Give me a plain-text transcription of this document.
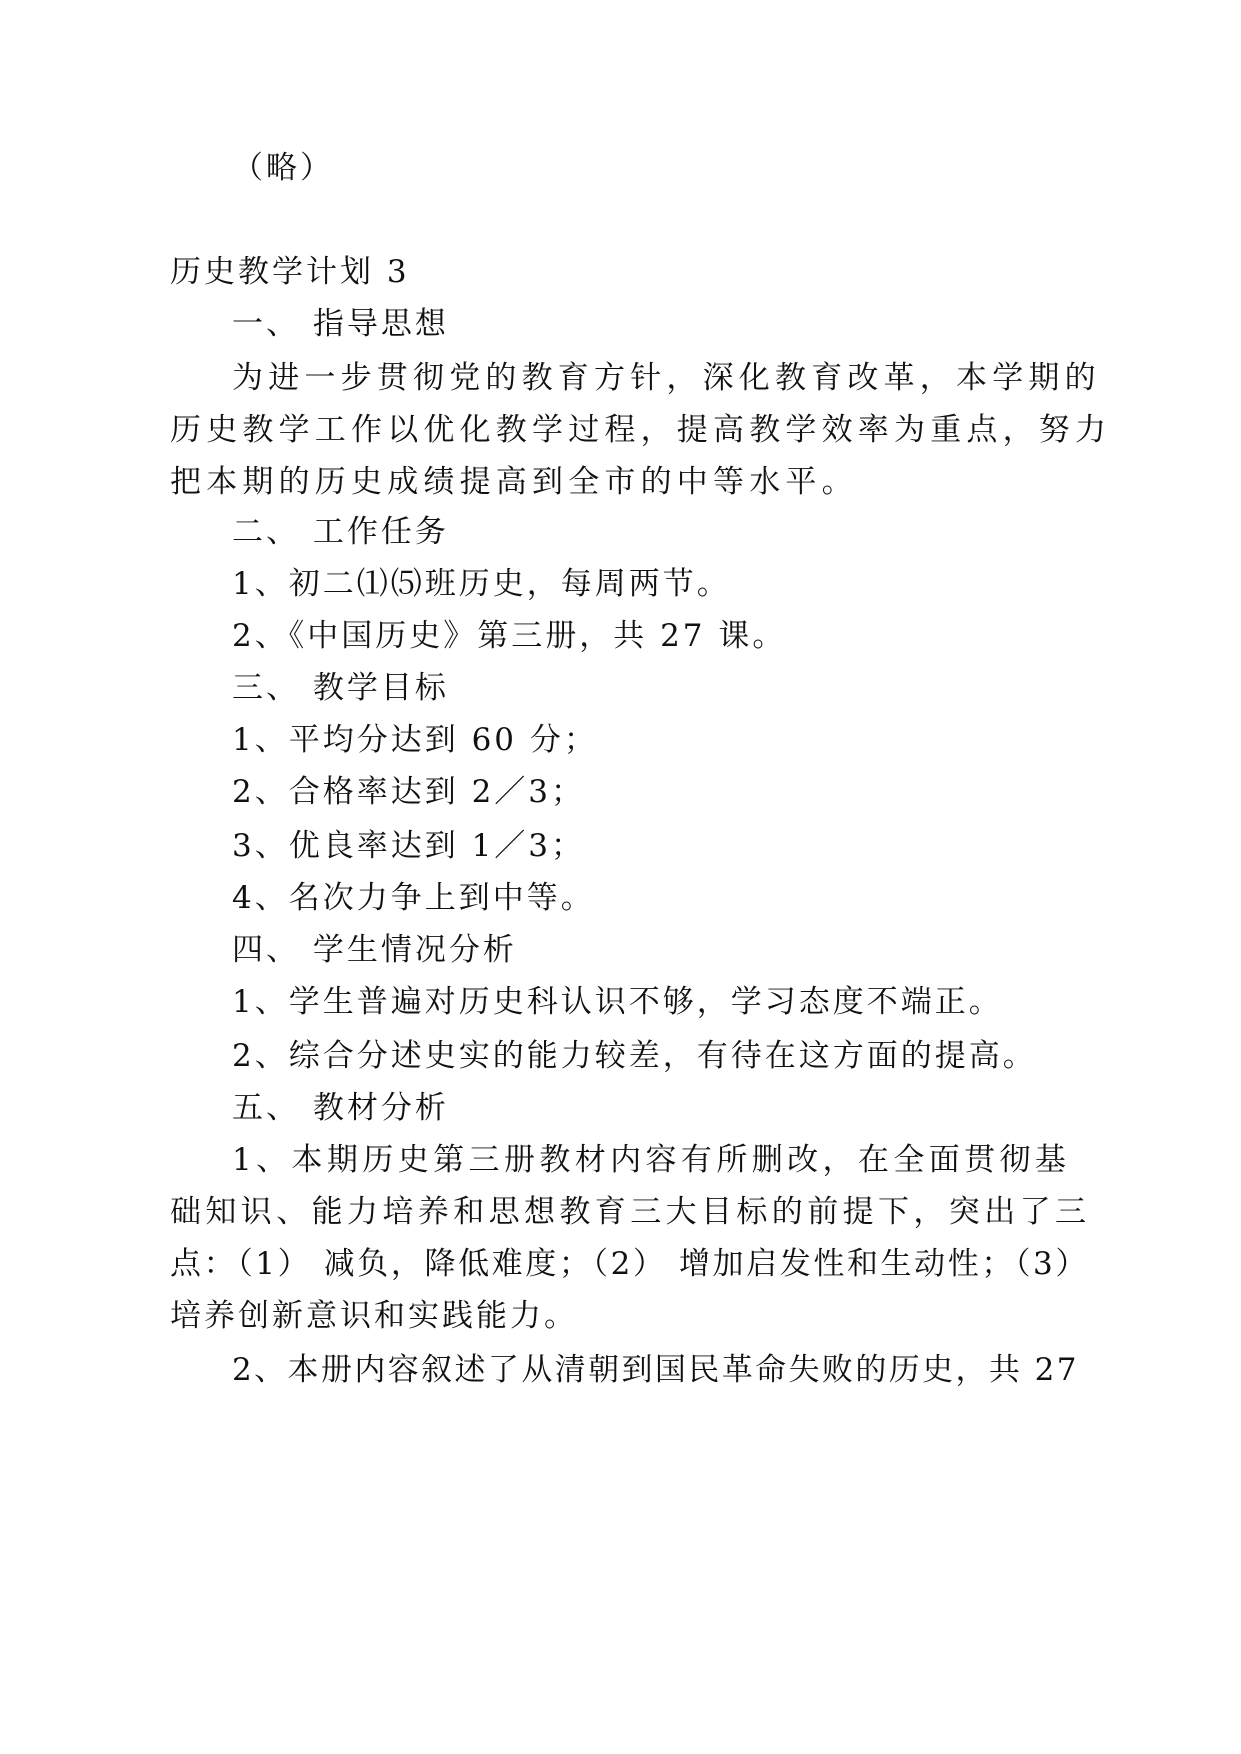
（略）
历史教学计划 3
一、 指导思想
为进一步贯彻党的教育方针，深化教育改革，本学期的
历史教学工作以优化教学过程，提高教学效率为重点，努力
把本期的历史成绩提高到全市的中等水平。
二、 工作任务
1、初二⑴⑸班历史，每周两节。
2、《中国历史》第三册，共 27 课。
三、 教学目标
1、平均分达到 60 分；
2、合格率达到 2／3；
3、优良率达到 1／3；
4、名次力争上到中等。
四、 学生情况分析
1、学生普遍对历史科认识不够，学习态度不端正。
2、综合分述史实的能力较差，有待在这方面的提高。
五、 教材分析
1、本期历史第三册教材内容有所删改，在全面贯彻基
础知识、能力培养和思想教育三大目标的前提下，突出了三
点：（1） 减负，降低难度；（2） 增加启发性和生动性；（3）
培养创新意识和实践能力。
2、本册内容叙述了从清朝到国民革命失败的历史，共 27
